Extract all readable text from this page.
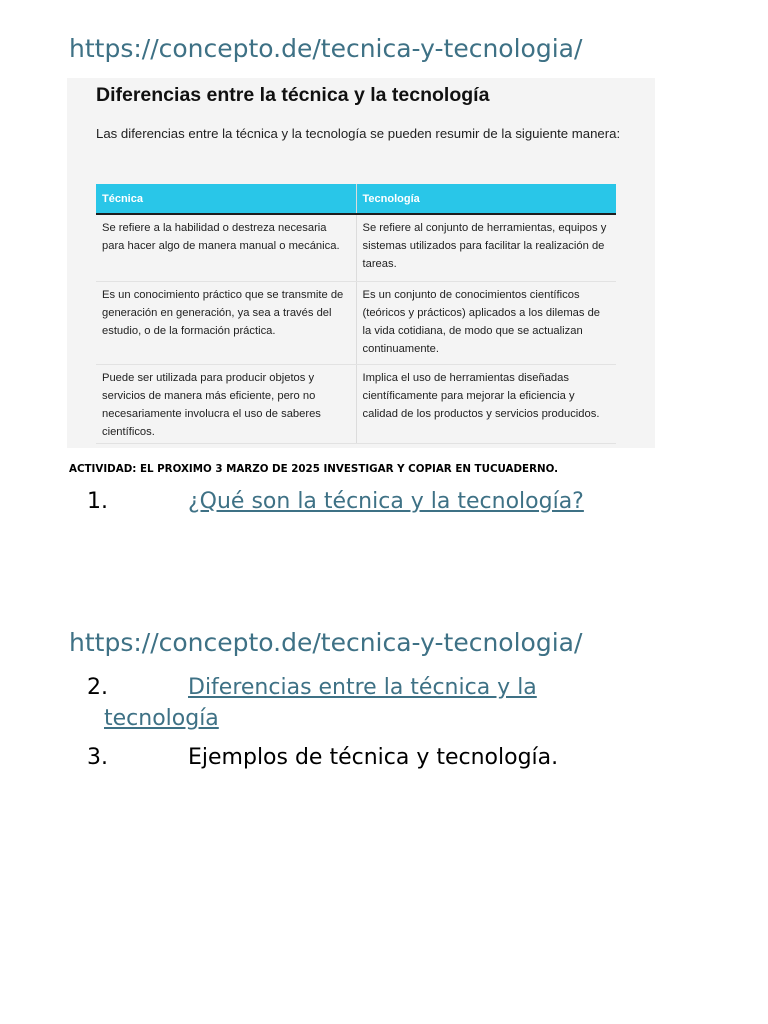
https://concepto.de/tecnica-y-tecnologia/
Diferencias entre la técnica y la tecnología

Las diferencias entre la técnica y la tecnología se pueden resumir de la siguiente manera:

Técnica	Tecnología
Se refiere a la habilidad o destreza necesaria para hacer algo de manera manual o mecánica.	Se refiere al conjunto de herramientas, equipos y sistemas utilizados para facilitar la realización de tareas.
Es un conocimiento práctico que se transmite de generación en generación, ya sea a través del estudio, o de la formación práctica.	Es un conjunto de conocimientos científicos (teóricos y prácticos) aplicados a los dilemas de la vida cotidiana, de modo que se actualizan continuamente.
Puede ser utilizada para producir objetos y servicios de manera más eficiente, pero no necesariamente involucra el uso de saberes científicos.	Implica el uso de herramientas diseñadas científicamente para mejorar la eficiencia y calidad de los productos y servicios producidos.

ACTIVIDAD: EL PROXIMO 3 MARZO DE 2025 INVESTIGAR Y COPIAR EN TUCUADERNO.

1.	¿Qué son la técnica y la tecnología?
https://concepto.de/tecnica-y-tecnologia/
2.	Diferencias entre la técnica y la
tecnología
3.	Ejemplos de técnica y tecnología.
